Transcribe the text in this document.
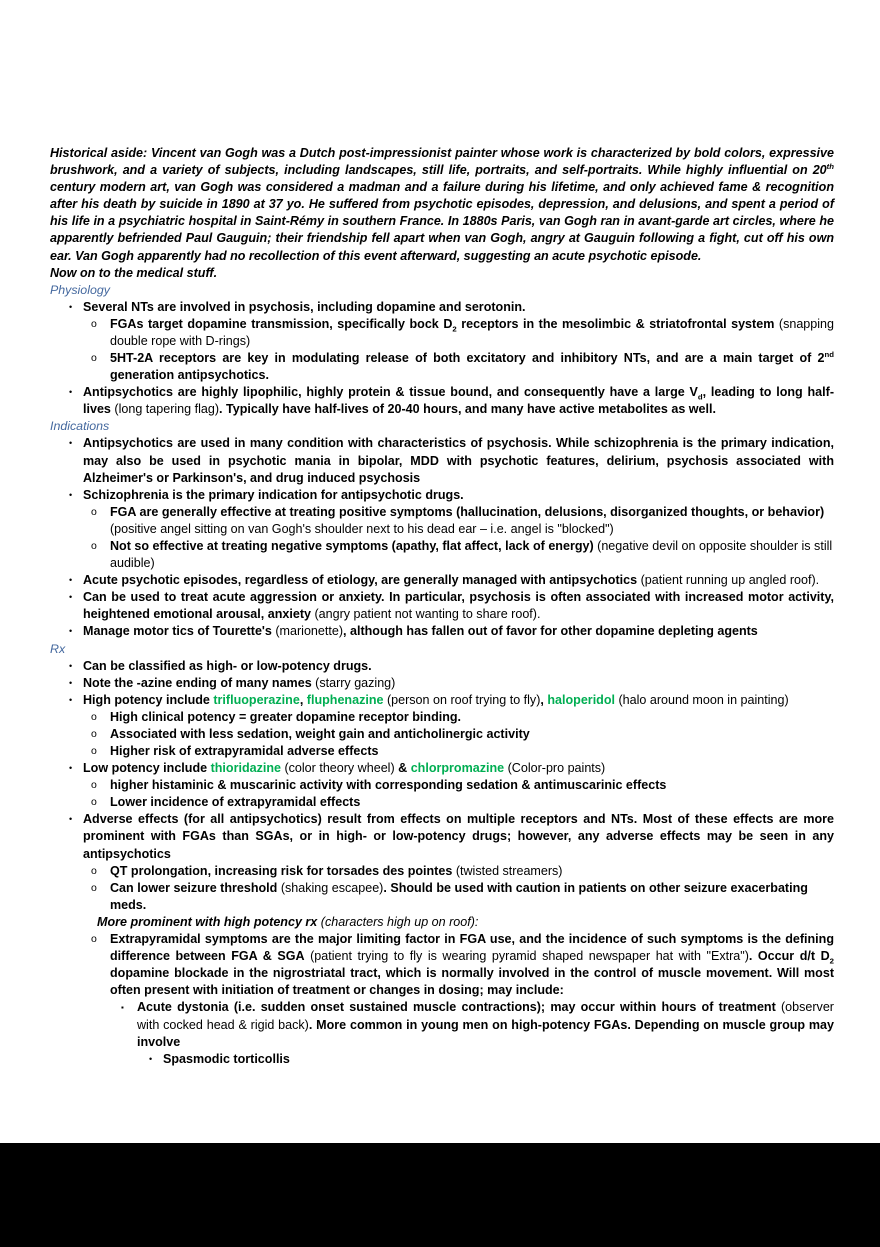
Historical aside: Vincent van Gogh was a Dutch post-impressionist painter whose work is characterized by bold colors, expressive brushwork, and a variety of subjects, including landscapes, still life, portraits, and self-portraits. While highly influential on 20th century modern art, van Gogh was considered a madman and a failure during his lifetime, and only achieved fame & recognition after his death by suicide in 1890 at 37 yo. He suffered from psychotic episodes, depression, and delusions, and spent a period of his life in a psychiatric hospital in Saint-Rémy in southern France. In 1880s Paris, van Gogh ran in avant-garde art circles, where he apparently befriended Paul Gauguin; their friendship fell apart when van Gogh, angry at Gauguin following a fight, cut off his own ear. Van Gogh apparently had no recollection of this event afterward, suggesting an acute psychotic episode.

Now on to the medical stuff.

Physiology

• Several NTs are involved in psychosis, including dopamine and serotonin.

o FGAs target dopamine transmission, specifically bock $D_2$ receptors in the mesolimbic & striatofrontal system (snapping double rope with D-rings)

o 5HT-2A receptors are key in modulating release of both excitatory and inhibitory NTs, and are a main target of 2nd generation antipsychotics.

• Antipsychotics are highly lipophilic, highly protein & tissue bound, and consequently have a large $V_d$, leading to long half-lives (long tapering flag). Typically have half-lives of 20-40 hours, and many have active metabolites as well.

Indications

• Antipsychotics are used in many condition with characteristics of psychosis. While schizophrenia is the primary indication, may also be used in psychotic mania in bipolar, MDD with psychotic features, delirium, psychosis associated with Alzheimer's or Parkinson's, and drug induced psychosis

• Schizophrenia is the primary indication for antipsychotic drugs.

o FGA are generally effective at treating positive symptoms (hallucination, delusions, disorganized thoughts, or behavior) (positive angel sitting on van Gogh's shoulder next to his dead ear – i.e. angel is "blocked")

o Not so effective at treating negative symptoms (apathy, flat affect, lack of energy) (negative devil on opposite shoulder is still audible)

• Acute psychotic episodes, regardless of etiology, are generally managed with antipsychotics (patient running up angled roof).

• Can be used to treat acute aggression or anxiety. In particular, psychosis is often associated with increased motor activity, heightened emotional arousal, anxiety (angry patient not wanting to share roof).

• Manage motor tics of Tourette's (marionette), although has fallen out of favor for other dopamine depleting agents

Rx

• Can be classified as high- or low-potency drugs.

• Note the -azine ending of many names (starry gazing)

• High potency include trifluoperazine, fluphenazine (person on roof trying to fly), haloperidol (halo around moon in painting)

o High clinical potency = greater dopamine receptor binding.

o Associated with less sedation, weight gain and anticholinergic activity

o Higher risk of extrapyramidal adverse effects

• Low potency include thioridazine (color theory wheel) & chlorpromazine (Color-pro paints)

o higher histaminic & muscarinic activity with corresponding sedation & antimuscarinic effects

o Lower incidence of extrapyramidal effects

• Adverse effects (for all antipsychotics) result from effects on multiple receptors and NTs. Most of these effects are more prominent with FGAs than SGAs, or in high- or low-potency drugs; however, any adverse effects may be seen in any antipsychotics

o QT prolongation, increasing risk for torsades des pointes (twisted streamers)

o Can lower seizure threshold (shaking escapee). Should be used with caution in patients on other seizure exacerbating meds.

More prominent with high potency rx (characters high up on roof):

o Extrapyramidal symptoms are the major limiting factor in FGA use, and the incidence of such symptoms is the defining difference between FGA & SGA (patient trying to fly is wearing pyramid shaped newspaper hat with "Extra"). Occur d/t $D_2$ dopamine blockade in the nigrostriatal tract, which is normally involved in the control of muscle movement. Will most often present with initiation of treatment or changes in dosing; may include:

▪ Acute dystonia (i.e. sudden onset sustained muscle contractions); may occur within hours of treatment (observer with cocked head & rigid back). More common in young men on high-potency FGAs. Depending on muscle group may involve

• Spasmodic torticollis
